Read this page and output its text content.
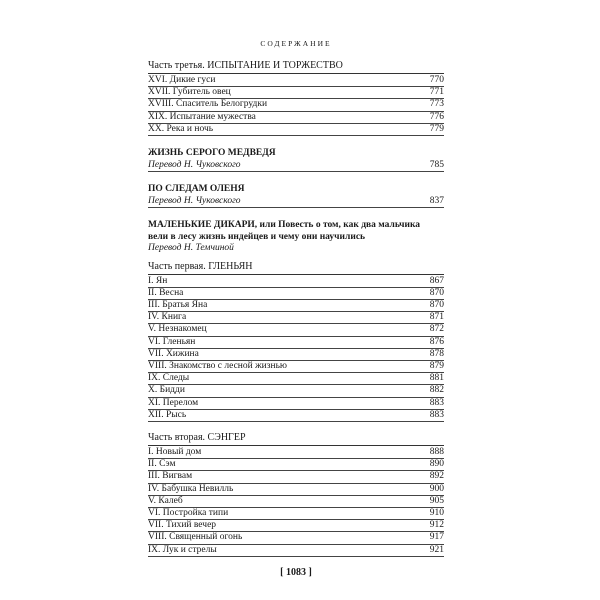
СОДЕРЖАНИЕ
Часть третья. ИСПЫТАНИЕ И ТОРЖЕСТВО
XVI. Дикие гуси	770
XVII. Губитель овец	771
XVIII. Спаситель Белогрудки	773
XIX. Испытание мужества	776
XX. Река и ночь	779
ЖИЗНЬ СЕРОГО МЕДВЕДЯ
Перевод Н. Чуковского	785
ПО СЛЕДАМ ОЛЕНЯ
Перевод Н. Чуковского	837
МАЛЕНЬКИЕ ДИКАРИ, или Повесть о том, как два мальчика
вели в лесу жизнь индейцев и чему они научились
Перевод Н. Темчиной
Часть первая. ГЛЕНЬЯН
I. Ян	867
II. Весна	870
III. Братья Яна	870
IV. Книга	871
V. Незнакомец	872
VI. Гленьян	876
VII. Хижина	878
VIII. Знакомство с лесной жизнью	879
IX. Следы	881
X. Бидди	882
XI. Перелом	883
XII. Рысь	883
Часть вторая. СЭНГЕР
I. Новый дом	888
II. Сэм	890
III. Вигвам	892
IV. Бабушка Невилль	900
V. Калеб	905
VI. Постройка типи	910
VII. Тихий вечер	912
VIII. Священный огонь	917
IX. Лук и стрелы	921
[ 1083 ]
